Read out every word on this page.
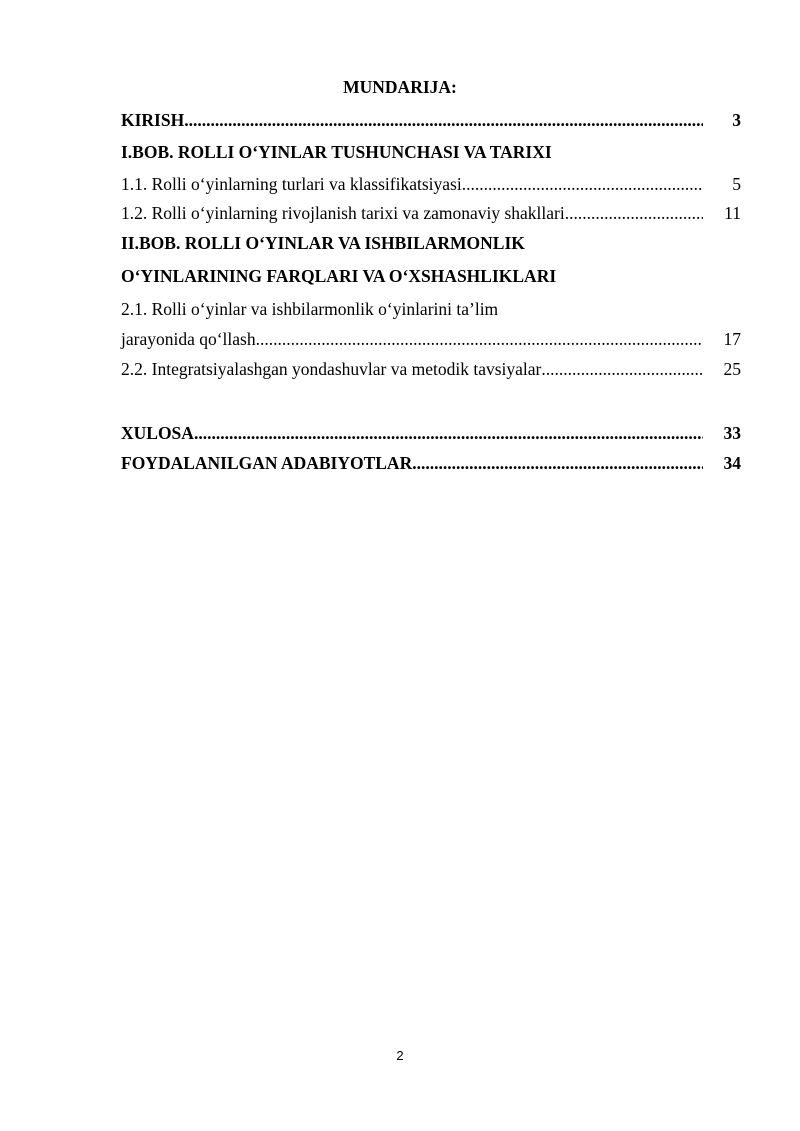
MUNDARIJA:
KIRISH .....	3
I.BOB. ROLLI O‘YINLAR TUSHUNCHASI VA TARIXI
1.1. Rolli o‘yinlarning turlari va klassifikatsiyasi .....	5
1.2. Rolli o‘yinlarning rivojlanish tarixi va zamonaviy shakllari .....	11
II.BOB. ROLLI O‘YINLAR VA ISHBILARMONLIK
O‘YINLARINING FARQLARI VA O‘XSHASHLIKLARI
2.1. Rolli o‘yinlar va ishbilarmonlik o‘yinlarini ta’lim
jarayonida qo‘llash .....	17
2.2. Integratsiyalashgan yondashuvlar va metodik tavsiyalar .....	25
XULOSA .....	33
FOYDALANILGAN ADABIYOTLAR .....	34
2
